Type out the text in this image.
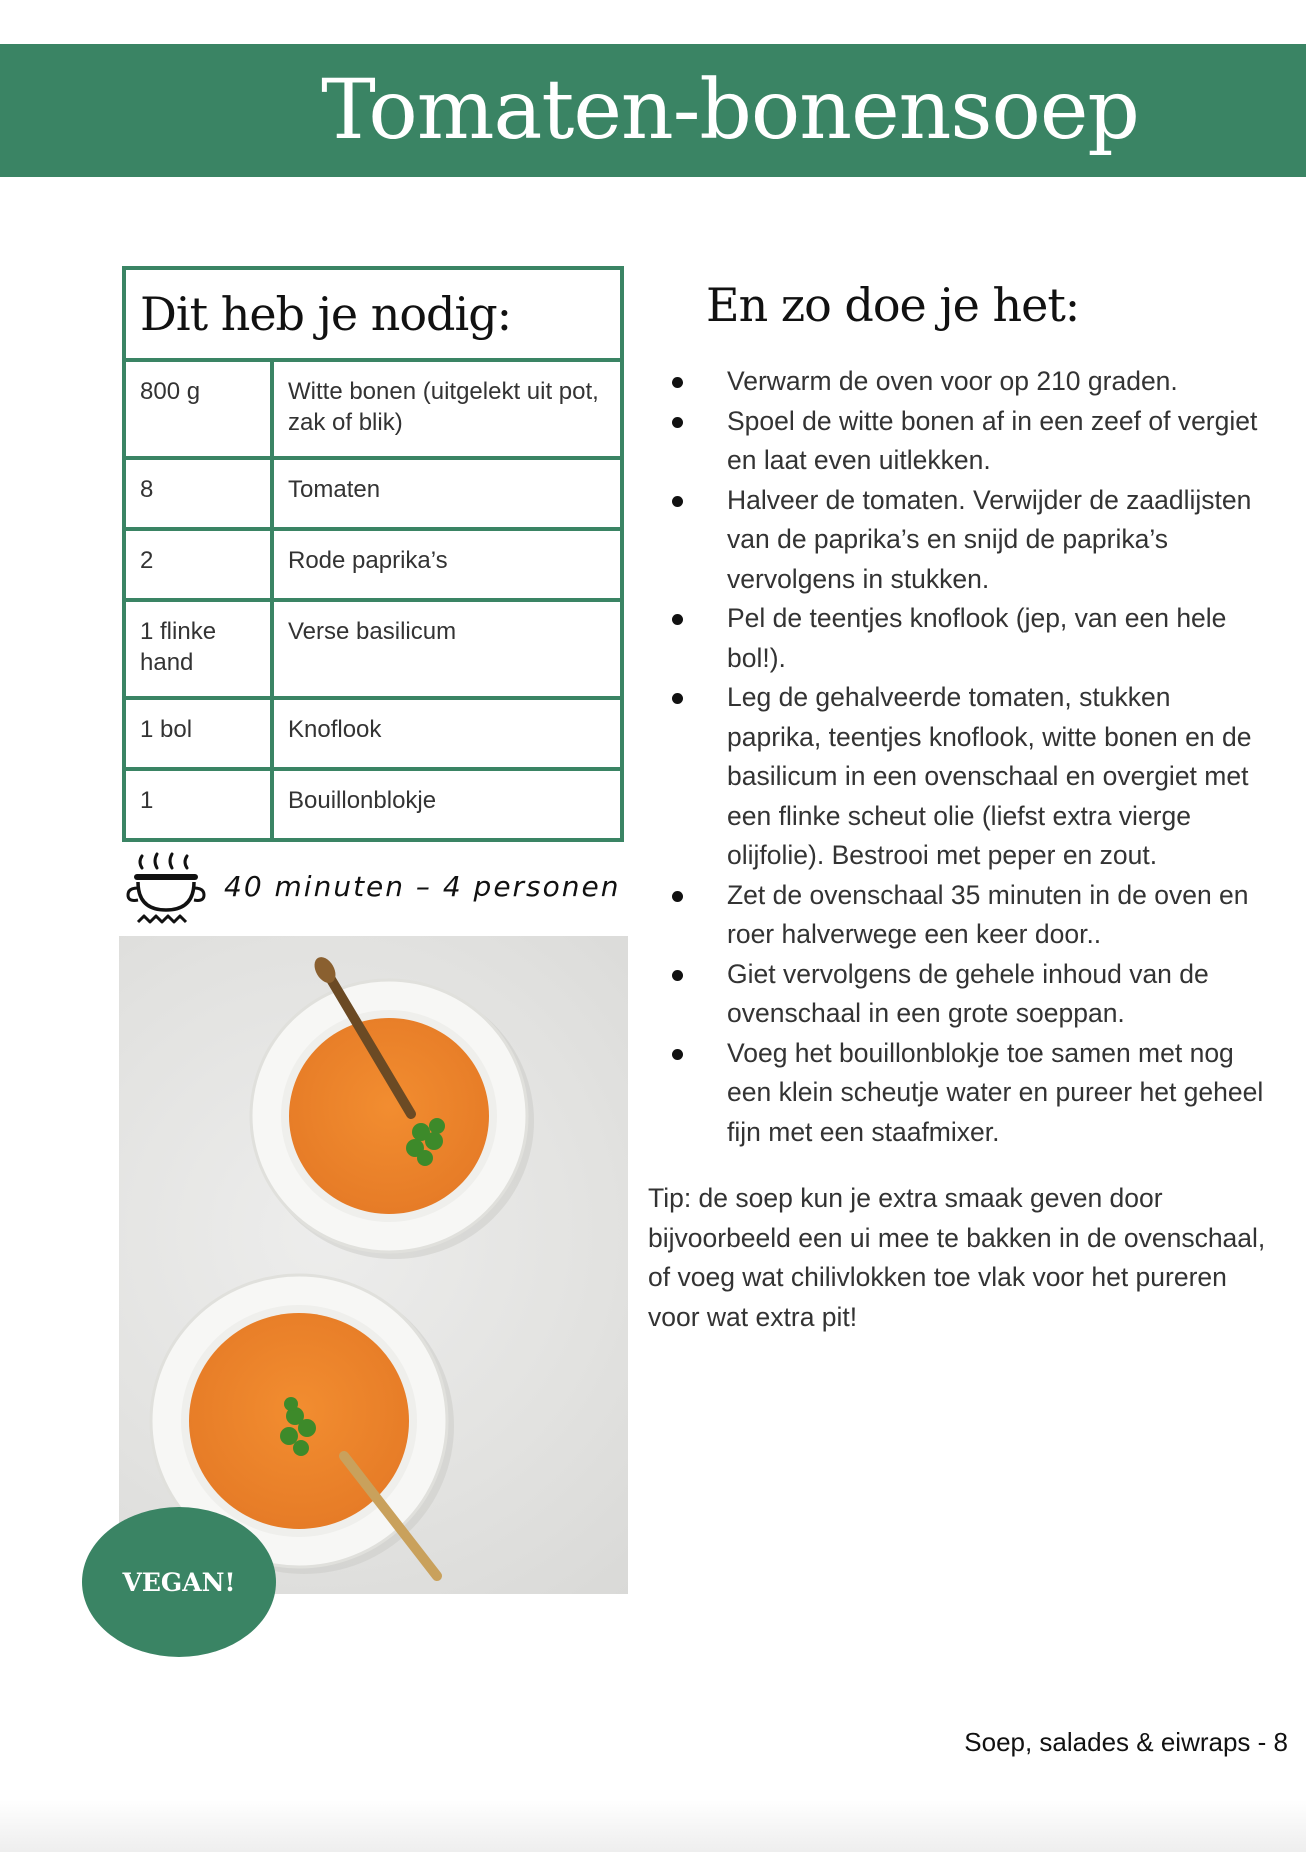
Tomaten-bonensoep
Dit heb je nodig:	
800 g	Witte bonen (uitgelekt uit pot, zak of blik)
8	Tomaten
2	Rode paprika’s
1 flinke hand	Verse basilicum
1 bol	Knoflook
1	Bouillonblokje
40 minuten – 4 personen
VEGAN!
En zo doe je het:
Verwarm de oven voor op 210 graden.
Spoel de witte bonen af in een zeef of vergiet en laat even uitlekken.
Halveer de tomaten. Verwijder de zaadlijsten van de paprika’s en snijd de paprika’s vervolgens in stukken.
Pel de teentjes knoflook (jep, van een hele bol!).
Leg de gehalveerde tomaten, stukken paprika, teentjes knoflook, witte bonen en de basilicum in een ovenschaal en overgiet met een flinke scheut olie (liefst extra vierge olijfolie). Bestrooi met peper en zout.
Zet de ovenschaal 35 minuten in de oven en roer halverwege een keer door..
Giet vervolgens de gehele inhoud van de ovenschaal in een grote soeppan.
Voeg het bouillonblokje toe samen met nog een klein scheutje water en pureer het geheel fijn met een staafmixer.

Tip: de soep kun je extra smaak geven door bijvoorbeeld een ui mee te bakken in de ovenschaal, of voeg wat chilivlokken toe vlak voor het pureren voor wat extra pit!

Soep, salades & eiwraps - 8
